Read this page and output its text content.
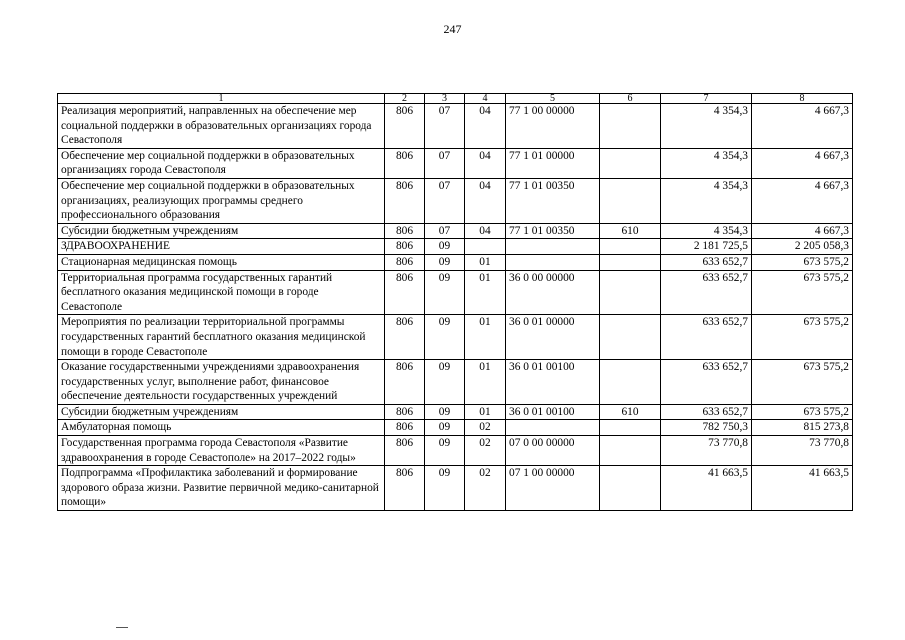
247
1	2	3	4	5	6	7	8
Реализация мероприятий, направленных на обеспечение мер социальной поддержки в образовательных организациях города Севастополя	806	07	04	77 1 00 00000		4 354,3	4 667,3
Обеспечение мер социальной поддержки в образовательных организациях города Севастополя	806	07	04	77 1 01 00000		4 354,3	4 667,3
Обеспечение мер социальной поддержки в образовательных организациях, реализующих программы среднего профессионального образования	806	07	04	77 1 01 00350		4 354,3	4 667,3
Субсидии бюджетным учреждениям	806	07	04	77 1 01 00350	610	4 354,3	4 667,3
ЗДРАВООХРАНЕНИЕ	806	09				2 181 725,5	2 205 058,3
Стационарная медицинская помощь	806	09	01			633 652,7	673 575,2
Территориальная программа государственных гарантий бесплатного оказания медицинской помощи в городе Севастополе	806	09	01	36 0 00 00000		633 652,7	673 575,2
Мероприятия по реализации территориальной программы государственных гарантий бесплатного оказания медицинской помощи в городе Севастополе	806	09	01	36 0 01 00000		633 652,7	673 575,2
Оказание государственными учреждениями здравоохранения государственных услуг, выполнение работ, финансовое обеспечение деятельности государственных учреждений	806	09	01	36 0 01 00100		633 652,7	673 575,2
Субсидии бюджетным учреждениям	806	09	01	36 0 01 00100	610	633 652,7	673 575,2
Амбулаторная помощь	806	09	02			782 750,3	815 273,8
Государственная программа города Севастополя «Развитие здравоохранения в городе Севастополе» на 2017–2022 годы»	806	09	02	07 0 00 00000		73 770,8	73 770,8
Подпрограмма «Профилактика заболеваний и формирование здорового образа жизни. Развитие первичной медико-санитарной помощи»	806	09	02	07 1 00 00000		41 663,5	41 663,5
